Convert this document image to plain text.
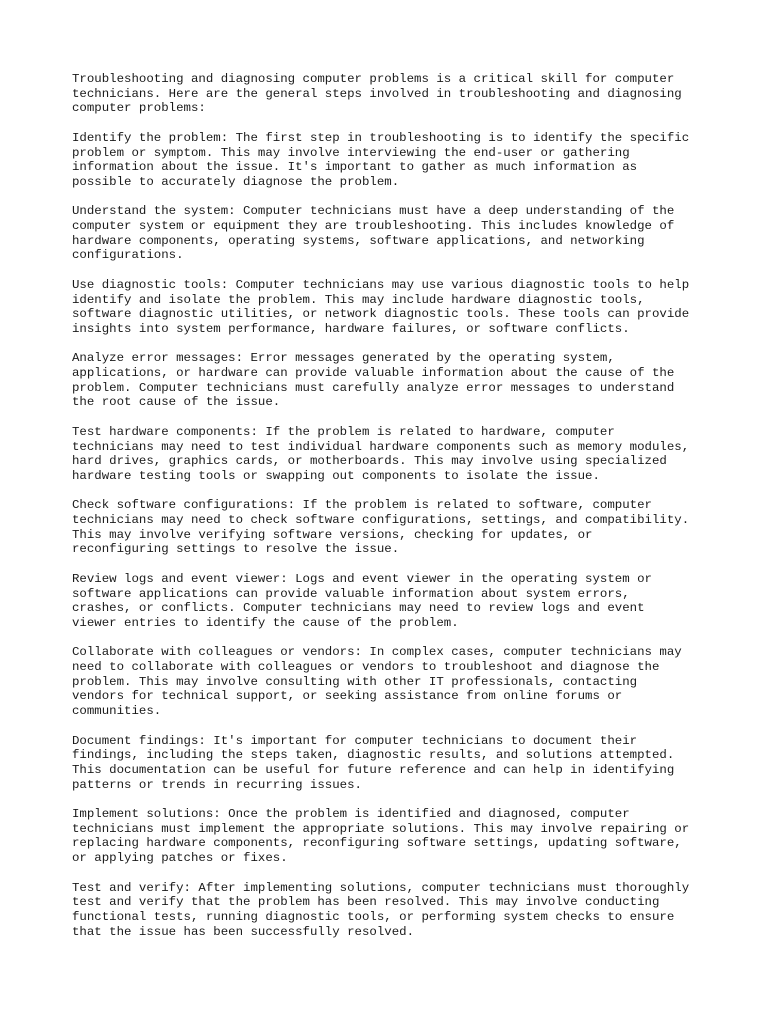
Troubleshooting and diagnosing computer problems is a critical skill for computer
technicians. Here are the general steps involved in troubleshooting and diagnosing
computer problems:

Identify the problem: The first step in troubleshooting is to identify the specific
problem or symptom. This may involve interviewing the end-user or gathering
information about the issue. It's important to gather as much information as
possible to accurately diagnose the problem.

Understand the system: Computer technicians must have a deep understanding of the
computer system or equipment they are troubleshooting. This includes knowledge of
hardware components, operating systems, software applications, and networking
configurations.

Use diagnostic tools: Computer technicians may use various diagnostic tools to help
identify and isolate the problem. This may include hardware diagnostic tools,
software diagnostic utilities, or network diagnostic tools. These tools can provide
insights into system performance, hardware failures, or software conflicts.

Analyze error messages: Error messages generated by the operating system,
applications, or hardware can provide valuable information about the cause of the
problem. Computer technicians must carefully analyze error messages to understand
the root cause of the issue.

Test hardware components: If the problem is related to hardware, computer
technicians may need to test individual hardware components such as memory modules,
hard drives, graphics cards, or motherboards. This may involve using specialized
hardware testing tools or swapping out components to isolate the issue.

Check software configurations: If the problem is related to software, computer
technicians may need to check software configurations, settings, and compatibility.
This may involve verifying software versions, checking for updates, or
reconfiguring settings to resolve the issue.

Review logs and event viewer: Logs and event viewer in the operating system or
software applications can provide valuable information about system errors,
crashes, or conflicts. Computer technicians may need to review logs and event
viewer entries to identify the cause of the problem.

Collaborate with colleagues or vendors: In complex cases, computer technicians may
need to collaborate with colleagues or vendors to troubleshoot and diagnose the
problem. This may involve consulting with other IT professionals, contacting
vendors for technical support, or seeking assistance from online forums or
communities.

Document findings: It's important for computer technicians to document their
findings, including the steps taken, diagnostic results, and solutions attempted.
This documentation can be useful for future reference and can help in identifying
patterns or trends in recurring issues.

Implement solutions: Once the problem is identified and diagnosed, computer
technicians must implement the appropriate solutions. This may involve repairing or
replacing hardware components, reconfiguring software settings, updating software,
or applying patches or fixes.

Test and verify: After implementing solutions, computer technicians must thoroughly
test and verify that the problem has been resolved. This may involve conducting
functional tests, running diagnostic tools, or performing system checks to ensure
that the issue has been successfully resolved.
